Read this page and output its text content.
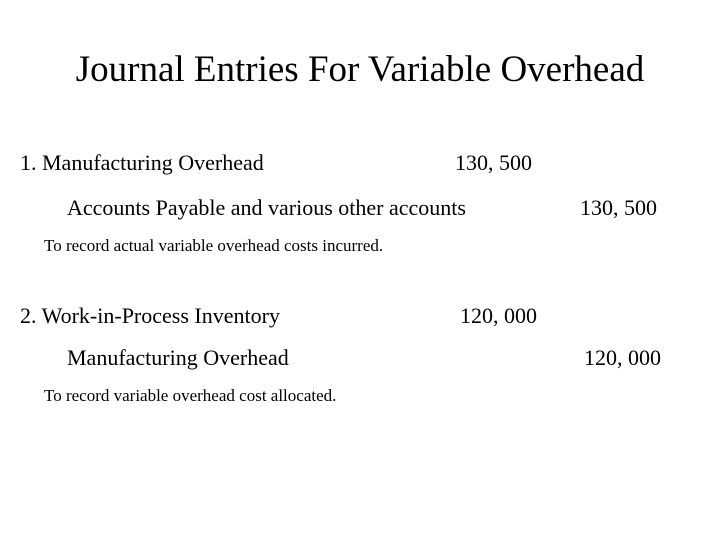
Journal Entries For Variable Overhead
1. Manufacturing Overhead	130, 500
Accounts Payable and various other accounts	130, 500
To record actual variable overhead costs incurred.
2. Work-in-Process Inventory	120, 000
Manufacturing Overhead	120, 000
To record variable overhead cost allocated.
